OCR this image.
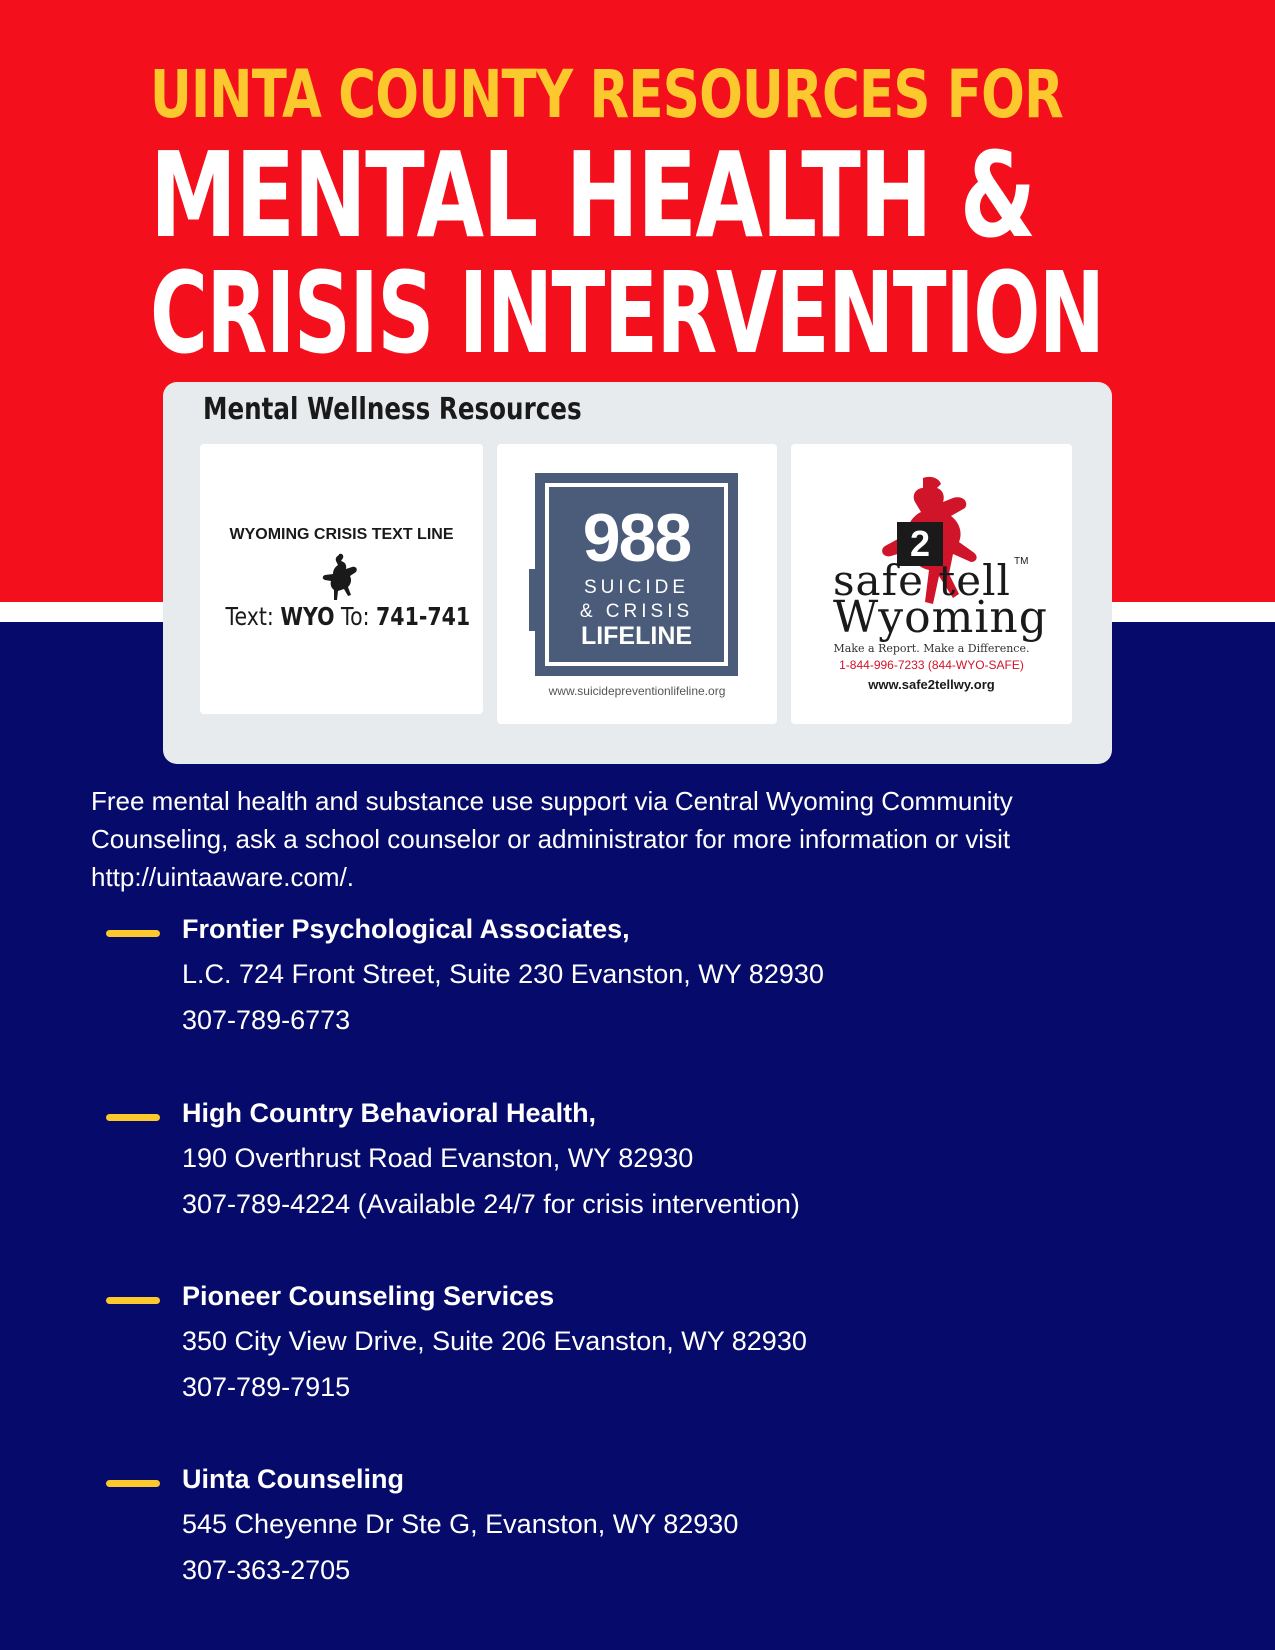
UINTA COUNTY RESOURCES FOR
MENTAL HEALTH &
CRISIS INTERVENTION
Mental Wellness Resources
WYOMING CRISIS TEXT LINE
Text: WYO To: 741-741
988
SUICIDE
& CRISIS
LIFELINE
www.suicidepreventionlifeline.org
2
safe tell TM
Wyoming
Make a Report. Make a Difference.
1-844-996-7233 (844-WYO-SAFE)
www.safe2tellwy.org

Free mental health and substance use support via Central Wyoming Community

Counseling, ask a school counselor or administrator for more information or visit

http://uintaaware.com/.

Frontier Psychological Associates,
L.C. 724 Front Street, Suite 230 Evanston, WY 82930
307-789-6773
High Country Behavioral Health,
190 Overthrust Road Evanston, WY 82930
307-789-4224 (Available 24/7 for crisis intervention)
Pioneer Counseling Services
350 City View Drive, Suite 206 Evanston, WY 82930
307-789-7915
Uinta Counseling
545 Cheyenne Dr Ste G, Evanston, WY 82930
307-363-2705
